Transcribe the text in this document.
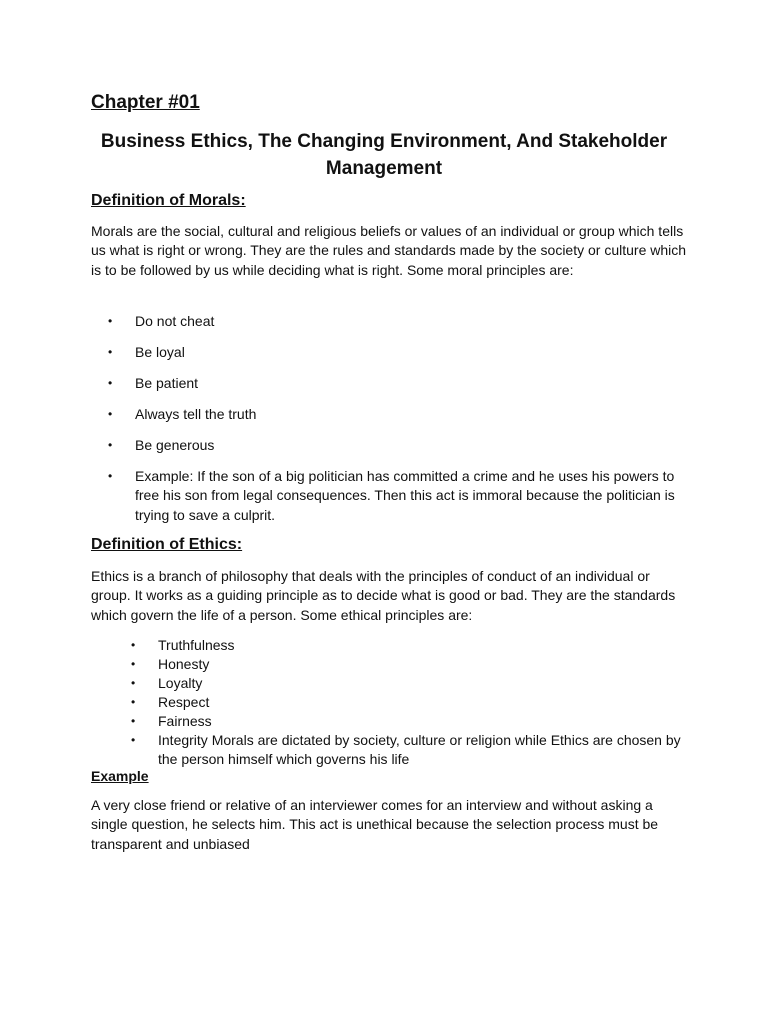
Chapter #01
Business Ethics, The Changing Environment, And Stakeholder Management
Definition of Morals:

Morals are the social, cultural and religious beliefs or values of an individual or group which tells us what is right or wrong. They are the rules and standards made by the society or culture which is to be followed by us while deciding what is right. Some moral principles are:

• Do not cheat
• Be loyal
• Be patient
• Always tell the truth
• Be generous
• Example: If the son of a big politician has committed a crime and he uses his powers to free his son from legal consequences. Then this act is immoral because the politician is trying to save a culprit.
Definition of Ethics:

Ethics is a branch of philosophy that deals with the principles of conduct of an individual or group. It works as a guiding principle as to decide what is good or bad. They are the standards which govern the life of a person. Some ethical principles are:

• Truthfulness
• Honesty
• Loyalty
• Respect
• Fairness
• Integrity Morals are dictated by society, culture or religion while Ethics are chosen by the person himself which governs his life
Example

A very close friend or relative of an interviewer comes for an interview and without asking a single question, he selects him. This act is unethical because the selection process must be transparent and unbiased
